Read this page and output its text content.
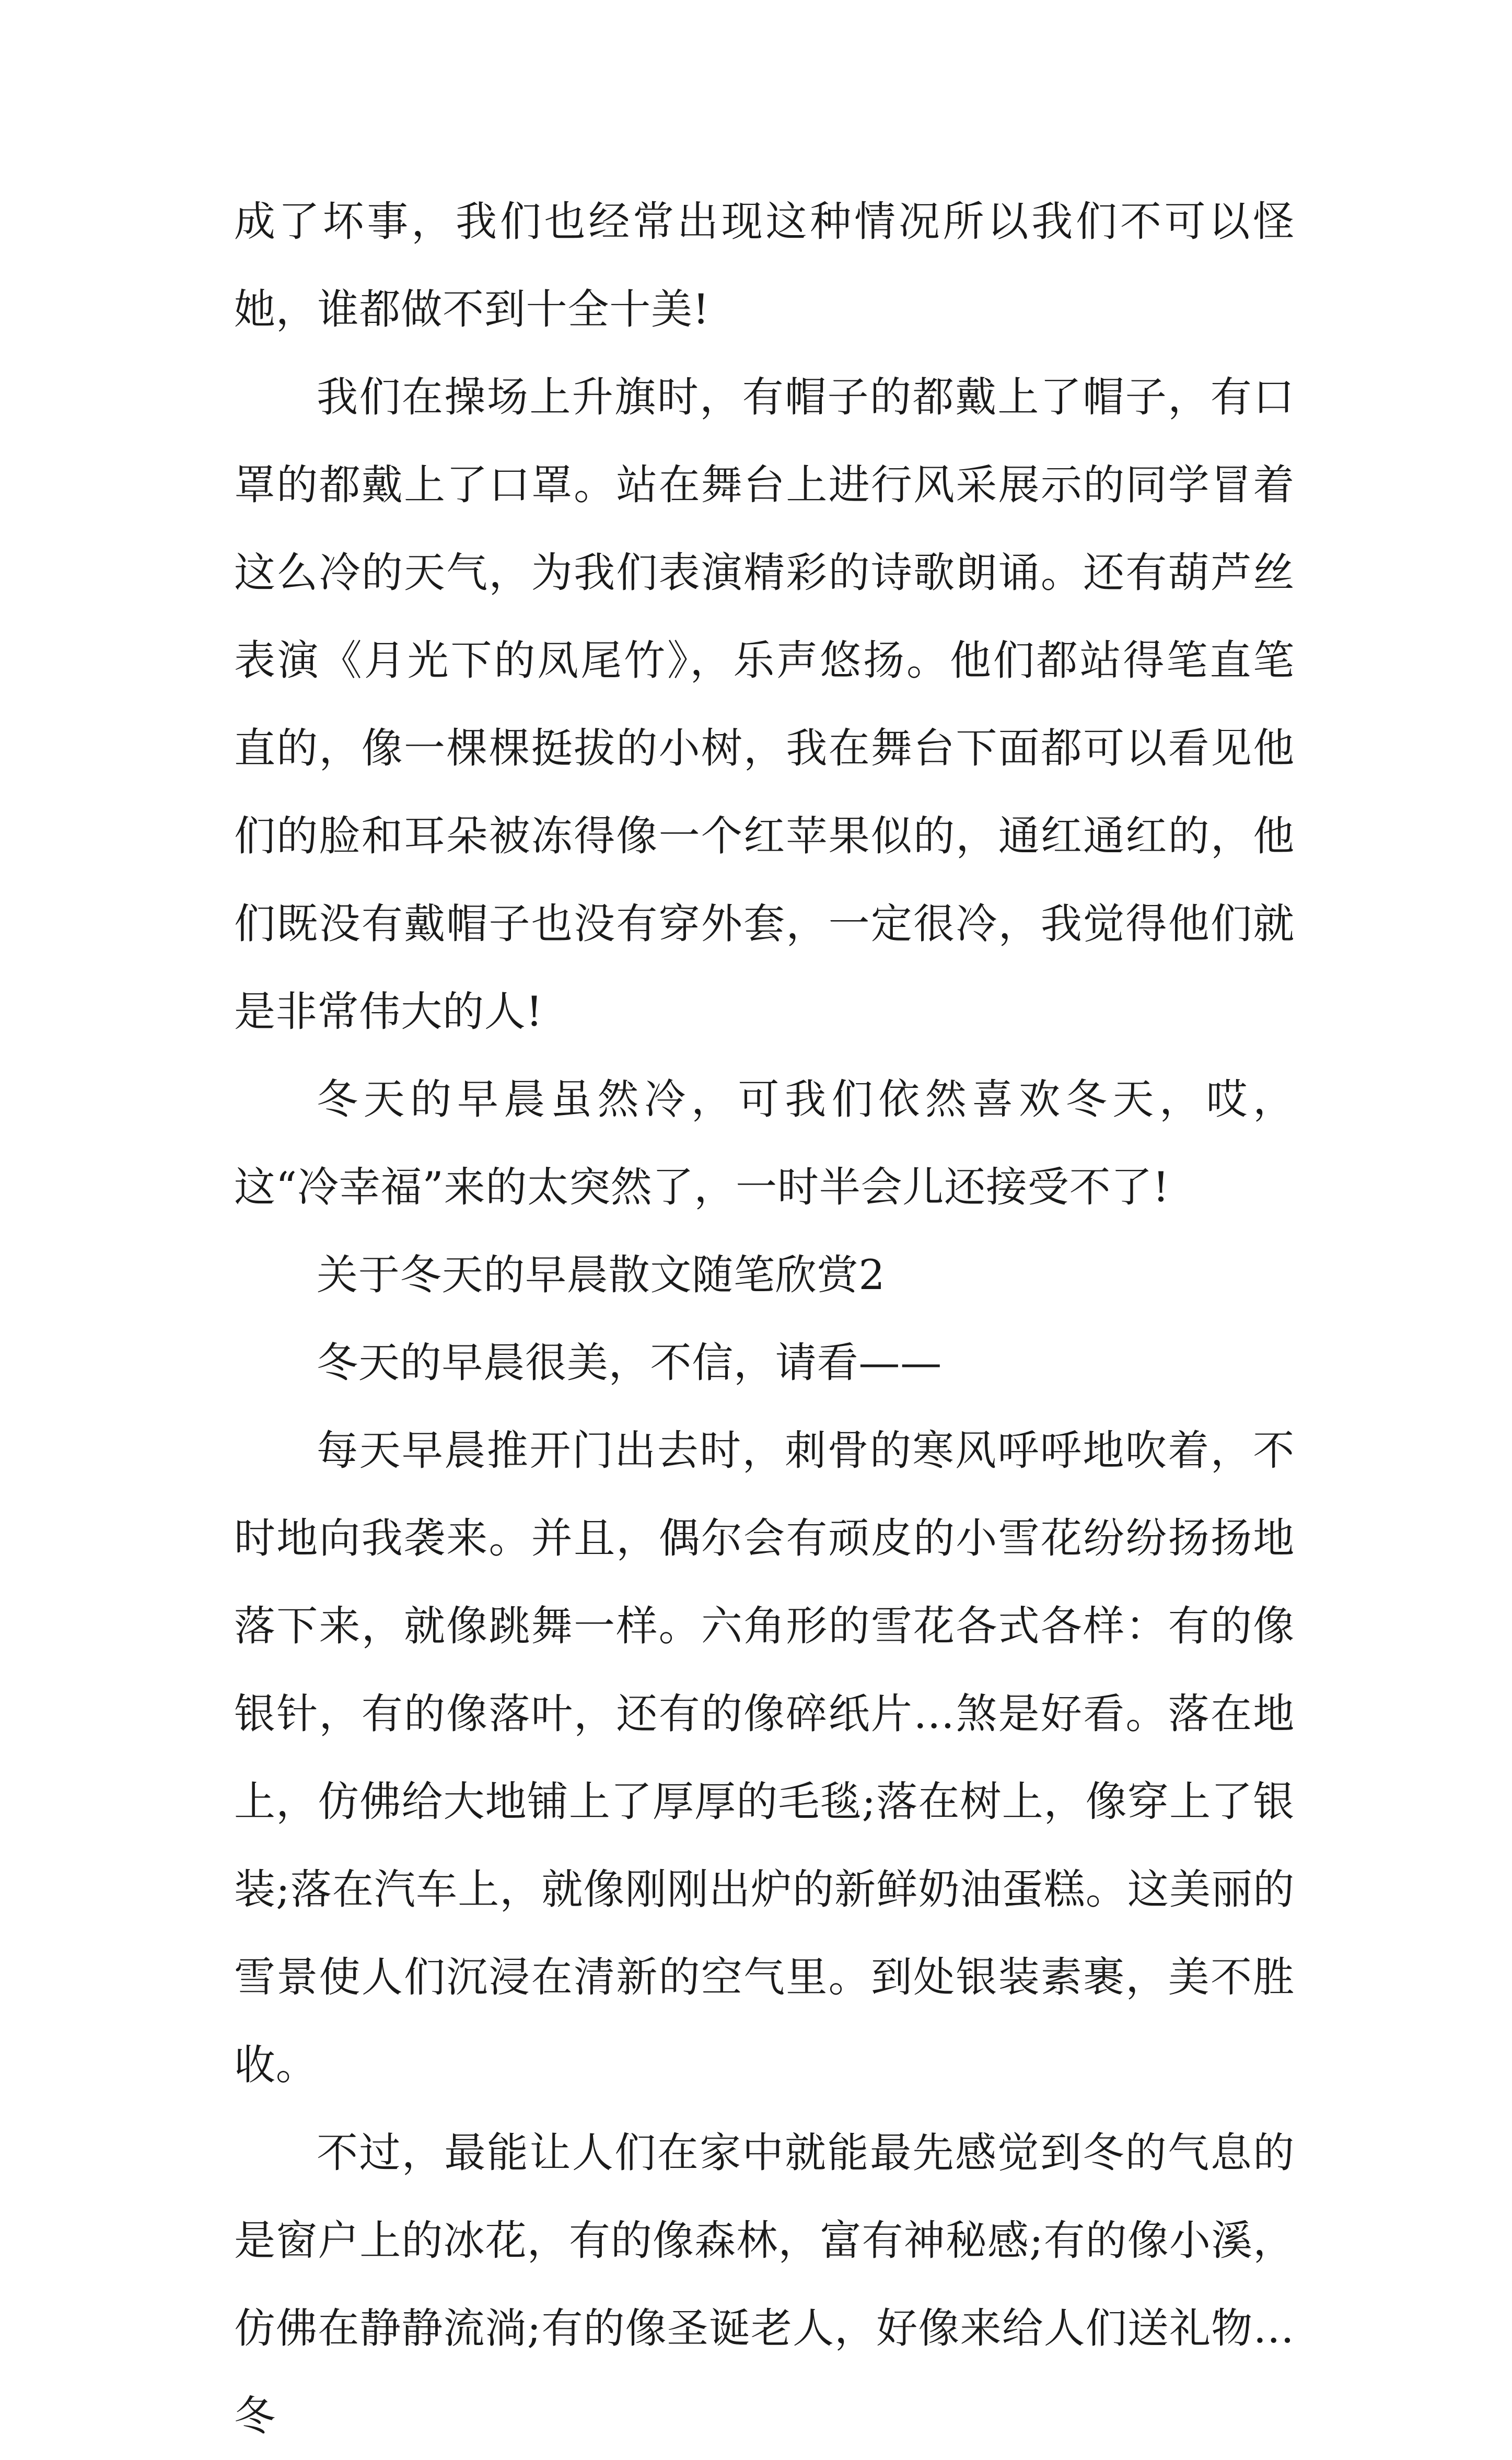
成了坏事，我们也经常出现这种情况所以我们不可以怪她，谁都做不到十全十美!

我们在操场上升旗时，有帽子的都戴上了帽子，有口罩的都戴上了口罩。站在舞台上进行风采展示的同学冒着这么冷的天气，为我们表演精彩的诗歌朗诵。还有葫芦丝表演《月光下的凤尾竹》，乐声悠扬。他们都站得笔直笔直的，像一棵棵挺拔的小树，我在舞台下面都可以看见他们的脸和耳朵被冻得像一个红苹果似的，通红通红的，他们既没有戴帽子也没有穿外套，一定很冷，我觉得他们就是非常伟大的人!

冬天的早晨虽然冷，可我们依然喜欢冬天，哎，这“冷幸福”来的太突然了，一时半会儿还接受不了!

关于冬天的早晨散文随笔欣赏2

冬天的早晨很美，不信，请看——

每天早晨推开门出去时，刺骨的寒风呼呼地吹着，不时地向我袭来。并且，偶尔会有顽皮的小雪花纷纷扬扬地落下来，就像跳舞一样。六角形的雪花各式各样：有的像银针，有的像落叶，还有的像碎纸片…煞是好看。落在地上，仿佛给大地铺上了厚厚的毛毯;落在树上，像穿上了银装;落在汽车上，就像刚刚出炉的新鲜奶油蛋糕。这美丽的雪景使人们沉浸在清新的空气里。到处银装素裹，美不胜收。

不过，最能让人们在家中就能最先感觉到冬的气息的是窗户上的冰花，有的像森林，富有神秘感;有的像小溪，仿佛在静静流淌;有的像圣诞老人，好像来给人们送礼物…冬
